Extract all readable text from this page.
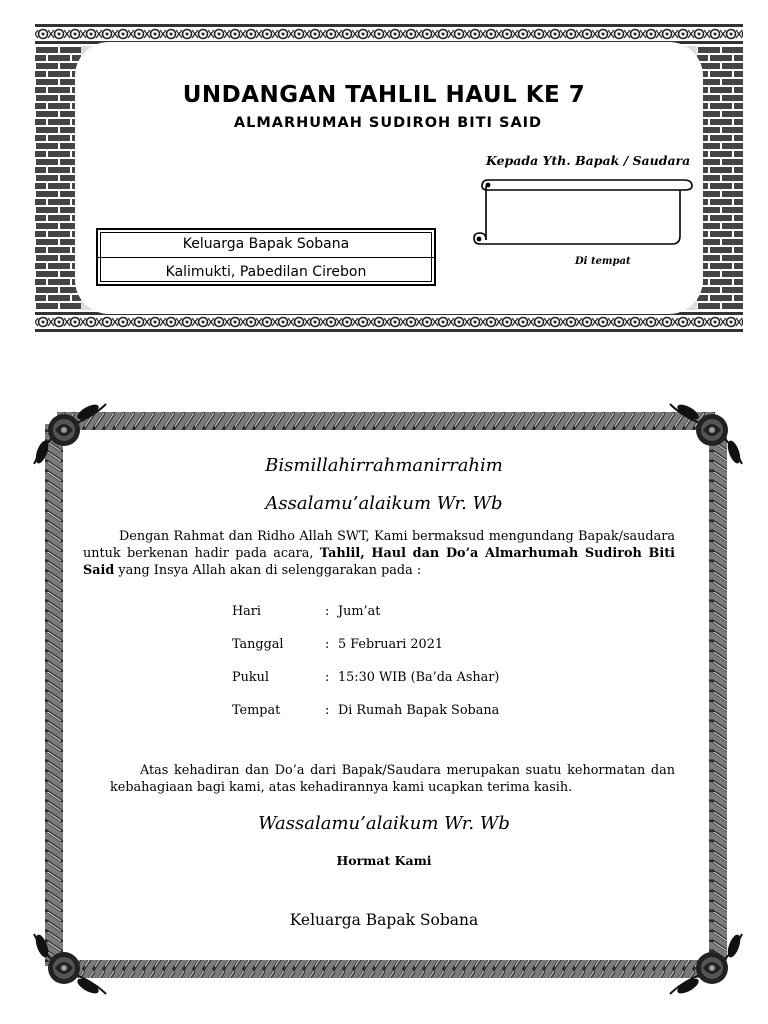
UNDANGAN TAHLIL HAUL KE 7
ALMARHUMAH SUDIROH BITI SAID
Kepada Yth. Bapak / Saudara
Di tempat
Keluarga Bapak Sobana
Kalimukti, Pabedilan Cirebon
Bismillahirrahmanirrahim
Assalamu’alaikum Wr. Wb
Dengan Rahmat dan Ridho Allah SWT, Kami bermaksud mengundang Bapak/saudara untuk berkenan hadir pada acara, Tahlil, Haul dan Do’a Almarhumah Sudiroh Biti Said yang Insya Allah akan di selenggarakan pada :
Hari	: Jum’at
Tanggal	: 5 Februari 2021
Pukul	: 15:30 WIB (Ba’da Ashar)
Tempat	: Di Rumah Bapak Sobana
Atas kehadiran dan Do’a dari Bapak/Saudara merupakan suatu kehormatan dan kebahagiaan bagi kami, atas kehadirannya kami ucapkan terima kasih.
Wassalamu’alaikum Wr. Wb
Hormat Kami
Keluarga Bapak Sobana
